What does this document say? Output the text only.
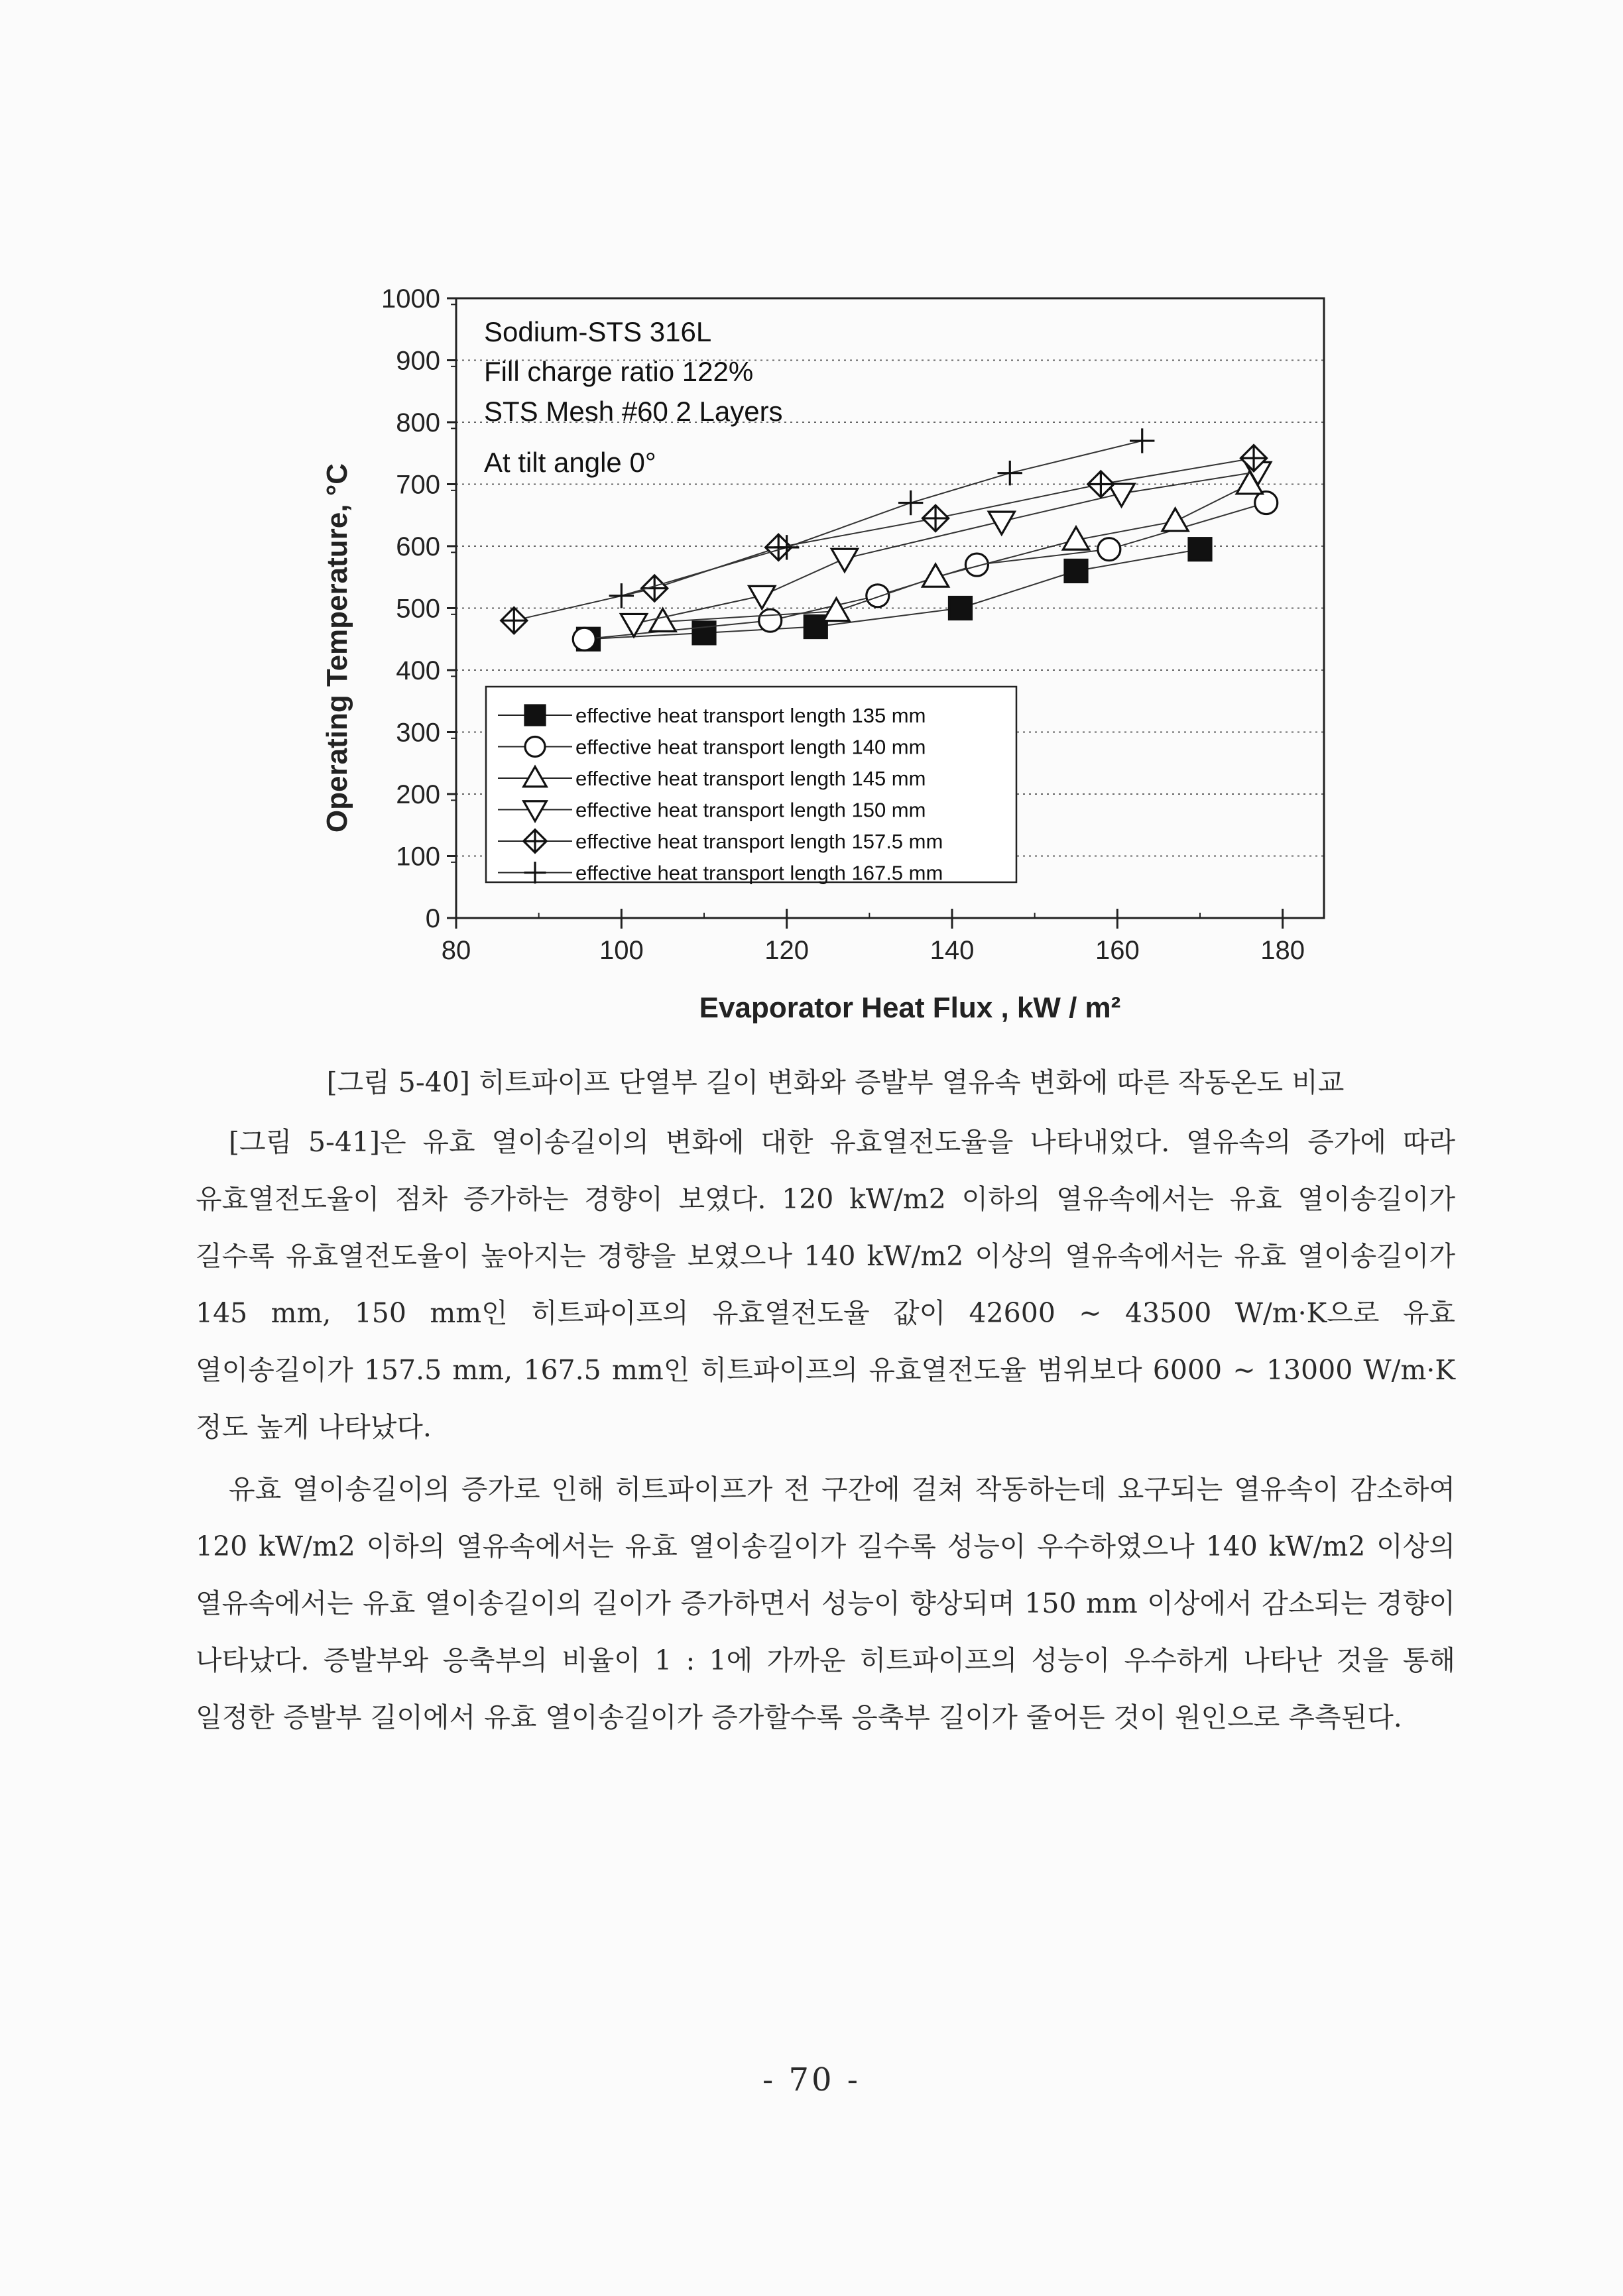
0
100
200
300
400
500
600
700
800
900
1000
80	100	120	140	160	180
Sodium-STS 316L
Fill charge ratio 122%
STS Mesh #60 2 Layers
At tilt angle 0°
effective heat transport length 135 mm
effective heat transport length 140 mm
effective heat transport length 145 mm
effective heat transport length 150 mm
effective heat transport length 157.5 mm
effective heat transport length 167.5 mm
Evaporator Heat Flux , kW / m²
Operating Temperature, °C
[그림 5-40] 히트파이프 단열부 길이 변화와 증발부 열유속 변화에 따른 작동온도 비교

[그림 5-41]은 유효 열이송길이의 변화에 대한 유효열전도율을 나타내었다. 열유속의 증가에 따라 유효열전도율이 점차 증가하는 경향이 보였다. 120 kW/m2 이하의 열유속에서는 유효 열이송길이가 길수록 유효열전도율이 높아지는 경향을 보였으나 140 kW/m2 이상의 열유속에서는 유효 열이송길이가 145 mm, 150 mm인 히트파이프의 유효열전도율 값이 42600 ~ 43500 W/m·K으로 유효 열이송길이가 157.5 mm, 167.5 mm인 히트파이프의 유효열전도율 범위보다 6000 ~ 13000 W/m·K 정도 높게 나타났다.

유효 열이송길이의 증가로 인해 히트파이프가 전 구간에 걸쳐 작동하는데 요구되는 열유속이 감소하여 120 kW/m2 이하의 열유속에서는 유효 열이송길이가 길수록 성능이 우수하였으나 140 kW/m2 이상의 열유속에서는 유효 열이송길이의 길이가 증가하면서 성능이 향상되며 150 mm 이상에서 감소되는 경향이 나타났다. 증발부와 응축부의 비율이 1 : 1에 가까운 히트파이프의 성능이 우수하게 나타난 것을 통해 일정한 증발부 길이에서 유효 열이송길이가 증가할수록 응축부 길이가 줄어든 것이 원인으로 추측된다.

- 70 -
